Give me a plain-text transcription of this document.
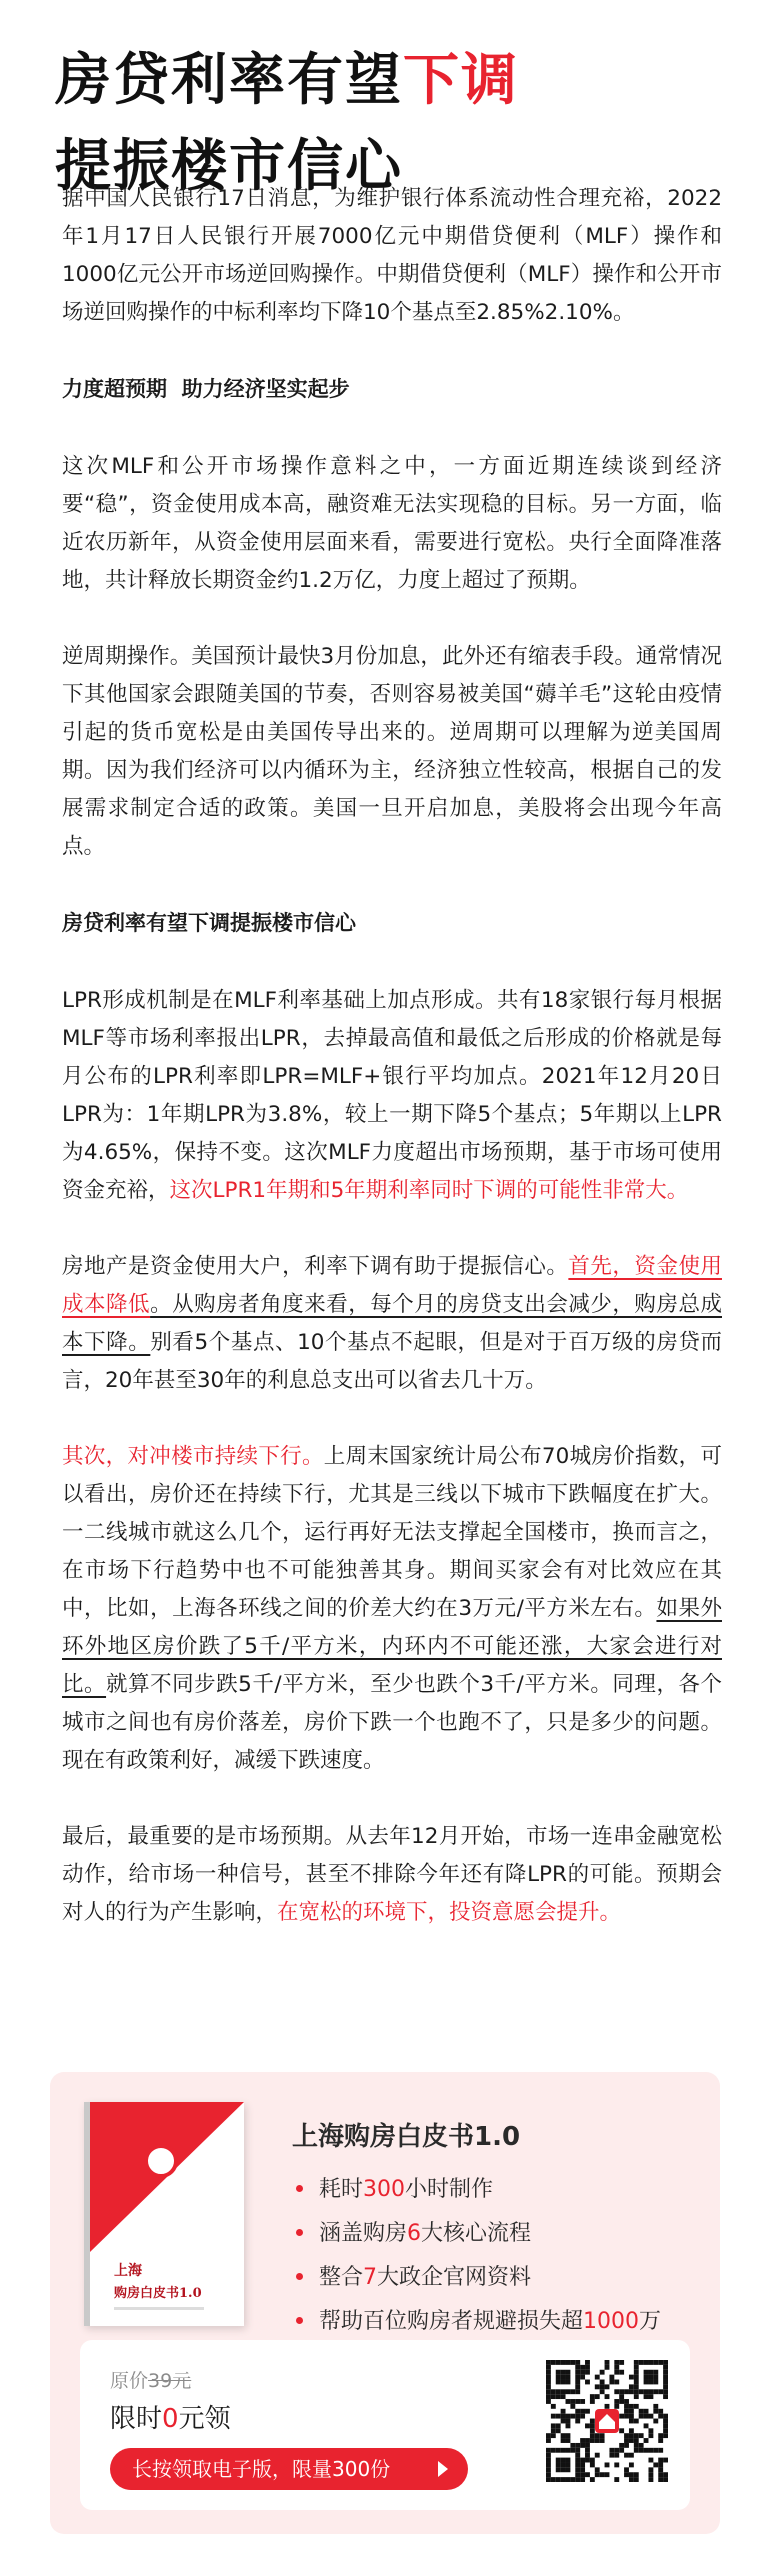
房贷利率有望下调
提振楼市信心

据中国人民银行17日消息，为维护银行体系流动性合理充裕，2022年1月17日人民银行开展7000亿元中期借贷便利（MLF）操作和1000亿元公开市场逆回购操作。中期借贷便利（MLF）操作和公开市场逆回购操作的中标利率均下降10个基点至2.85%2.10%。

力度超预期  助力经济坚实起步

这次MLF和公开市场操作意料之中，一方面近期连续谈到经济要“稳”，资金使用成本高，融资难无法实现稳的目标。另一方面，临近农历新年，从资金使用层面来看，需要进行宽松。央行全面降准落地，共计释放长期资金约1.2万亿，力度上超过了预期。

逆周期操作。美国预计最快3月份加息，此外还有缩表手段。通常情况下其他国家会跟随美国的节奏，否则容易被美国“薅羊毛”这轮由疫情引起的货币宽松是由美国传导出来的。逆周期可以理解为逆美国周期。因为我们经济可以内循环为主，经济独立性较高，根据自己的发展需求制定合适的政策。美国一旦开启加息，美股将会出现今年高点。

房贷利率有望下调提振楼市信心

LPR形成机制是在MLF利率基础上加点形成。共有18家银行每月根据MLF等市场利率报出LPR，去掉最高值和最低之后形成的价格就是每月公布的LPR利率即LPR=MLF+银行平均加点。2021年12月20日LPR为：1年期LPR为3.8%，较上一期下降5个基点；5年期以上LPR为4.65%，保持不变。这次MLF力度超出市场预期，基于市场可使用资金充裕，这次LPR1年期和5年期利率同时下调的可能性非常大。

房地产是资金使用大户，利率下调有助于提振信心。首先，资金使用成本降低。从购房者角度来看，每个月的房贷支出会减少，购房总成本下降。别看5个基点、10个基点不起眼，但是对于百万级的房贷而言，20年甚至30年的利息总支出可以省去几十万。

其次，对冲楼市持续下行。上周末国家统计局公布70城房价指数，可以看出，房价还在持续下行，尤其是三线以下城市下跌幅度在扩大。一二线城市就这么几个，运行再好无法支撑起全国楼市，换而言之，在市场下行趋势中也不可能独善其身。期间买家会有对比效应在其中，比如，上海各环线之间的价差大约在3万元/平方米左右。如果外环外地区房价跌了5千/平方米，内环内不可能还涨，大家会进行对比。就算不同步跌5千/平方米，至少也跌个3千/平方米。同理，各个城市之间也有房价落差，房价下跌一个也跑不了，只是多少的问题。现在有政策利好，减缓下跌速度。

最后，最重要的是市场预期。从去年12月开始，市场一连串金融宽松动作，给市场一种信号，甚至不排除今年还有降LPR的可能。预期会对人的行为产生影响，在宽松的环境下，投资意愿会提升。

上海
购房白皮书1.0
上海购房白皮书1.0
耗时300小时制作
涵盖购房6大核心流程
整合7大政企官网资料
帮助百位购房者规避损失超1000万
原价39元
限时0元领
长按领取电子版，限量300份
